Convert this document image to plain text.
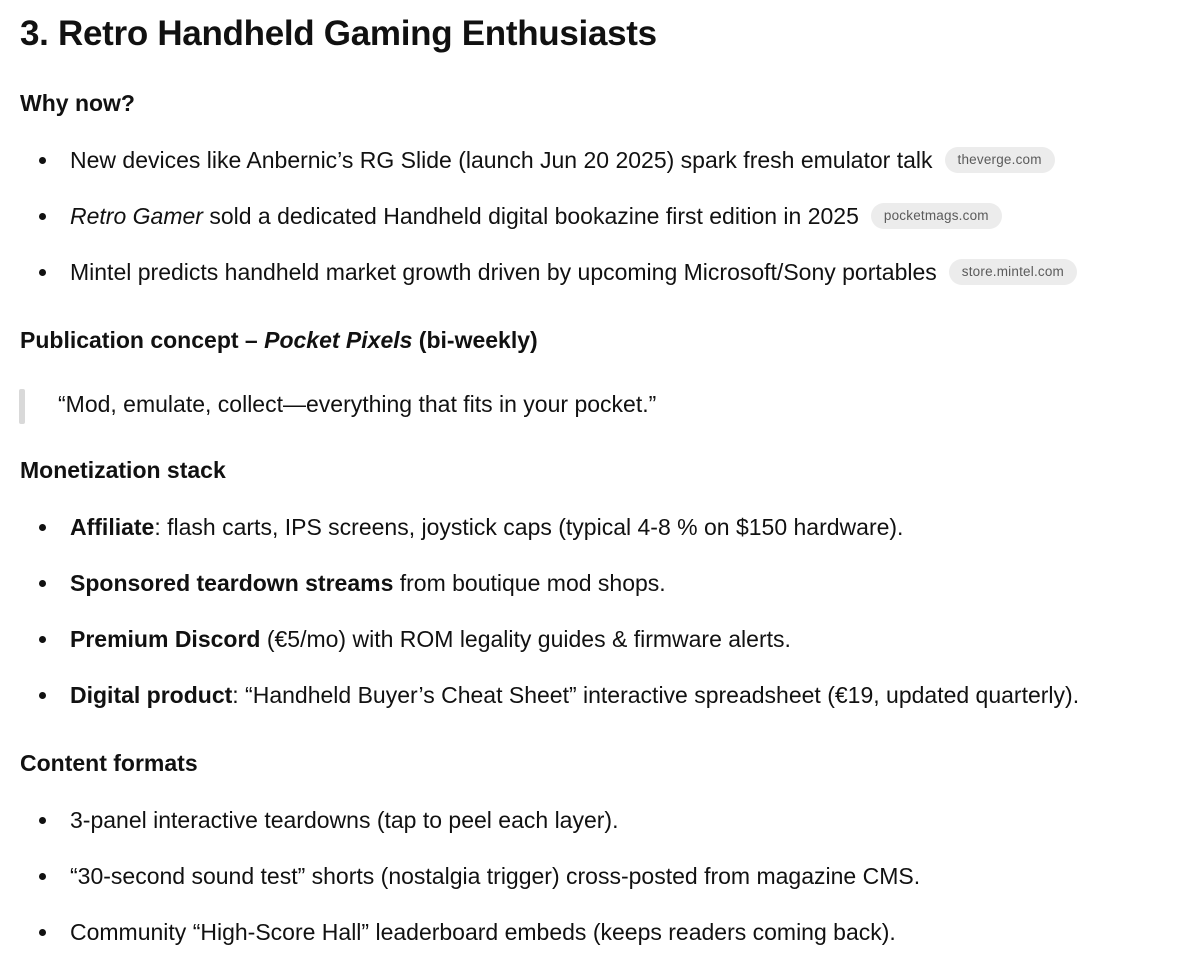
3. Retro Handheld Gaming Enthusiasts
Why now?
New devices like Anbernic’s RG Slide (launch Jun 20 2025) spark fresh emulator talk	theverge.com
Retro Gamer sold a dedicated Handheld digital bookazine first edition in 2025	pocketmags.com
Mintel predicts handheld market growth driven by upcoming Microsoft/Sony portables	store.mintel.com
Publication concept – Pocket Pixels (bi-weekly)
“Mod, emulate, collect—everything that fits in your pocket.”
Monetization stack
Affiliate : flash carts, IPS screens, joystick caps (typical 4-8 % on $150 hardware).
Sponsored teardown streams from boutique mod shops.
Premium Discord (€5/mo) with ROM legality guides & firmware alerts.
Digital product : “Handheld Buyer’s Cheat Sheet” interactive spreadsheet (€19, updated quarterly).
Content formats
3-panel interactive teardowns (tap to peel each layer).
“30-second sound test” shorts (nostalgia trigger) cross-posted from magazine CMS.
Community “High-Score Hall” leaderboard embeds (keeps readers coming back).
